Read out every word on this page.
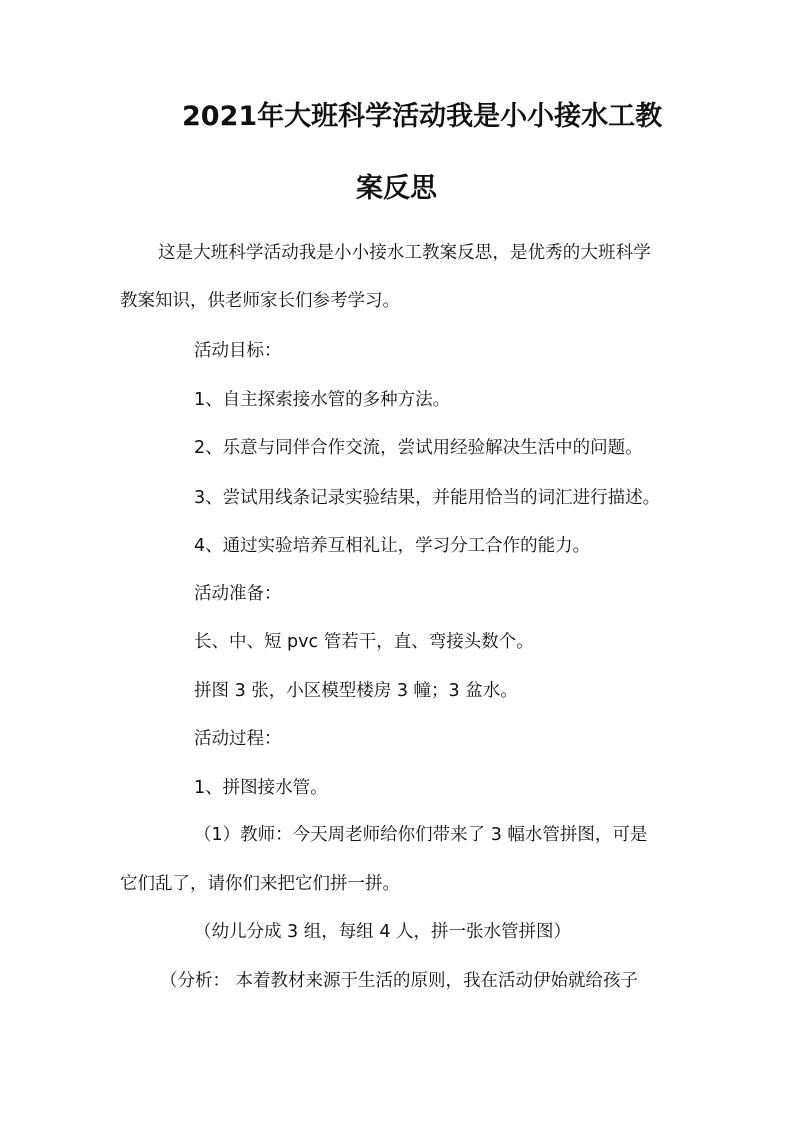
2021年大班科学活动我是小小接水工教
案反思
这是大班科学活动我是小小接水工教案反思，是优秀的大班科学
教案知识，供老师家长们参考学习。
活动目标：
1、自主探索接水管的多种方法。
2、乐意与同伴合作交流，尝试用经验解决生活中的问题。
3、尝试用线条记录实验结果，并能用恰当的词汇进行描述。
4、通过实验培养互相礼让，学习分工合作的能力。
活动准备：
长、中、短 pvc 管若干，直、弯接头数个。
拼图 3 张，小区模型楼房 3 幢；3 盆水。
活动过程：
1、拼图接水管。
（1）教师：今天周老师给你们带来了 3 幅水管拼图，可是
它们乱了，请你们来把它们拼一拼。
（幼儿分成 3 组，每组 4 人，拼一张水管拼图）
（分析： 本着教材来源于生活的原则，我在活动伊始就给孩子
